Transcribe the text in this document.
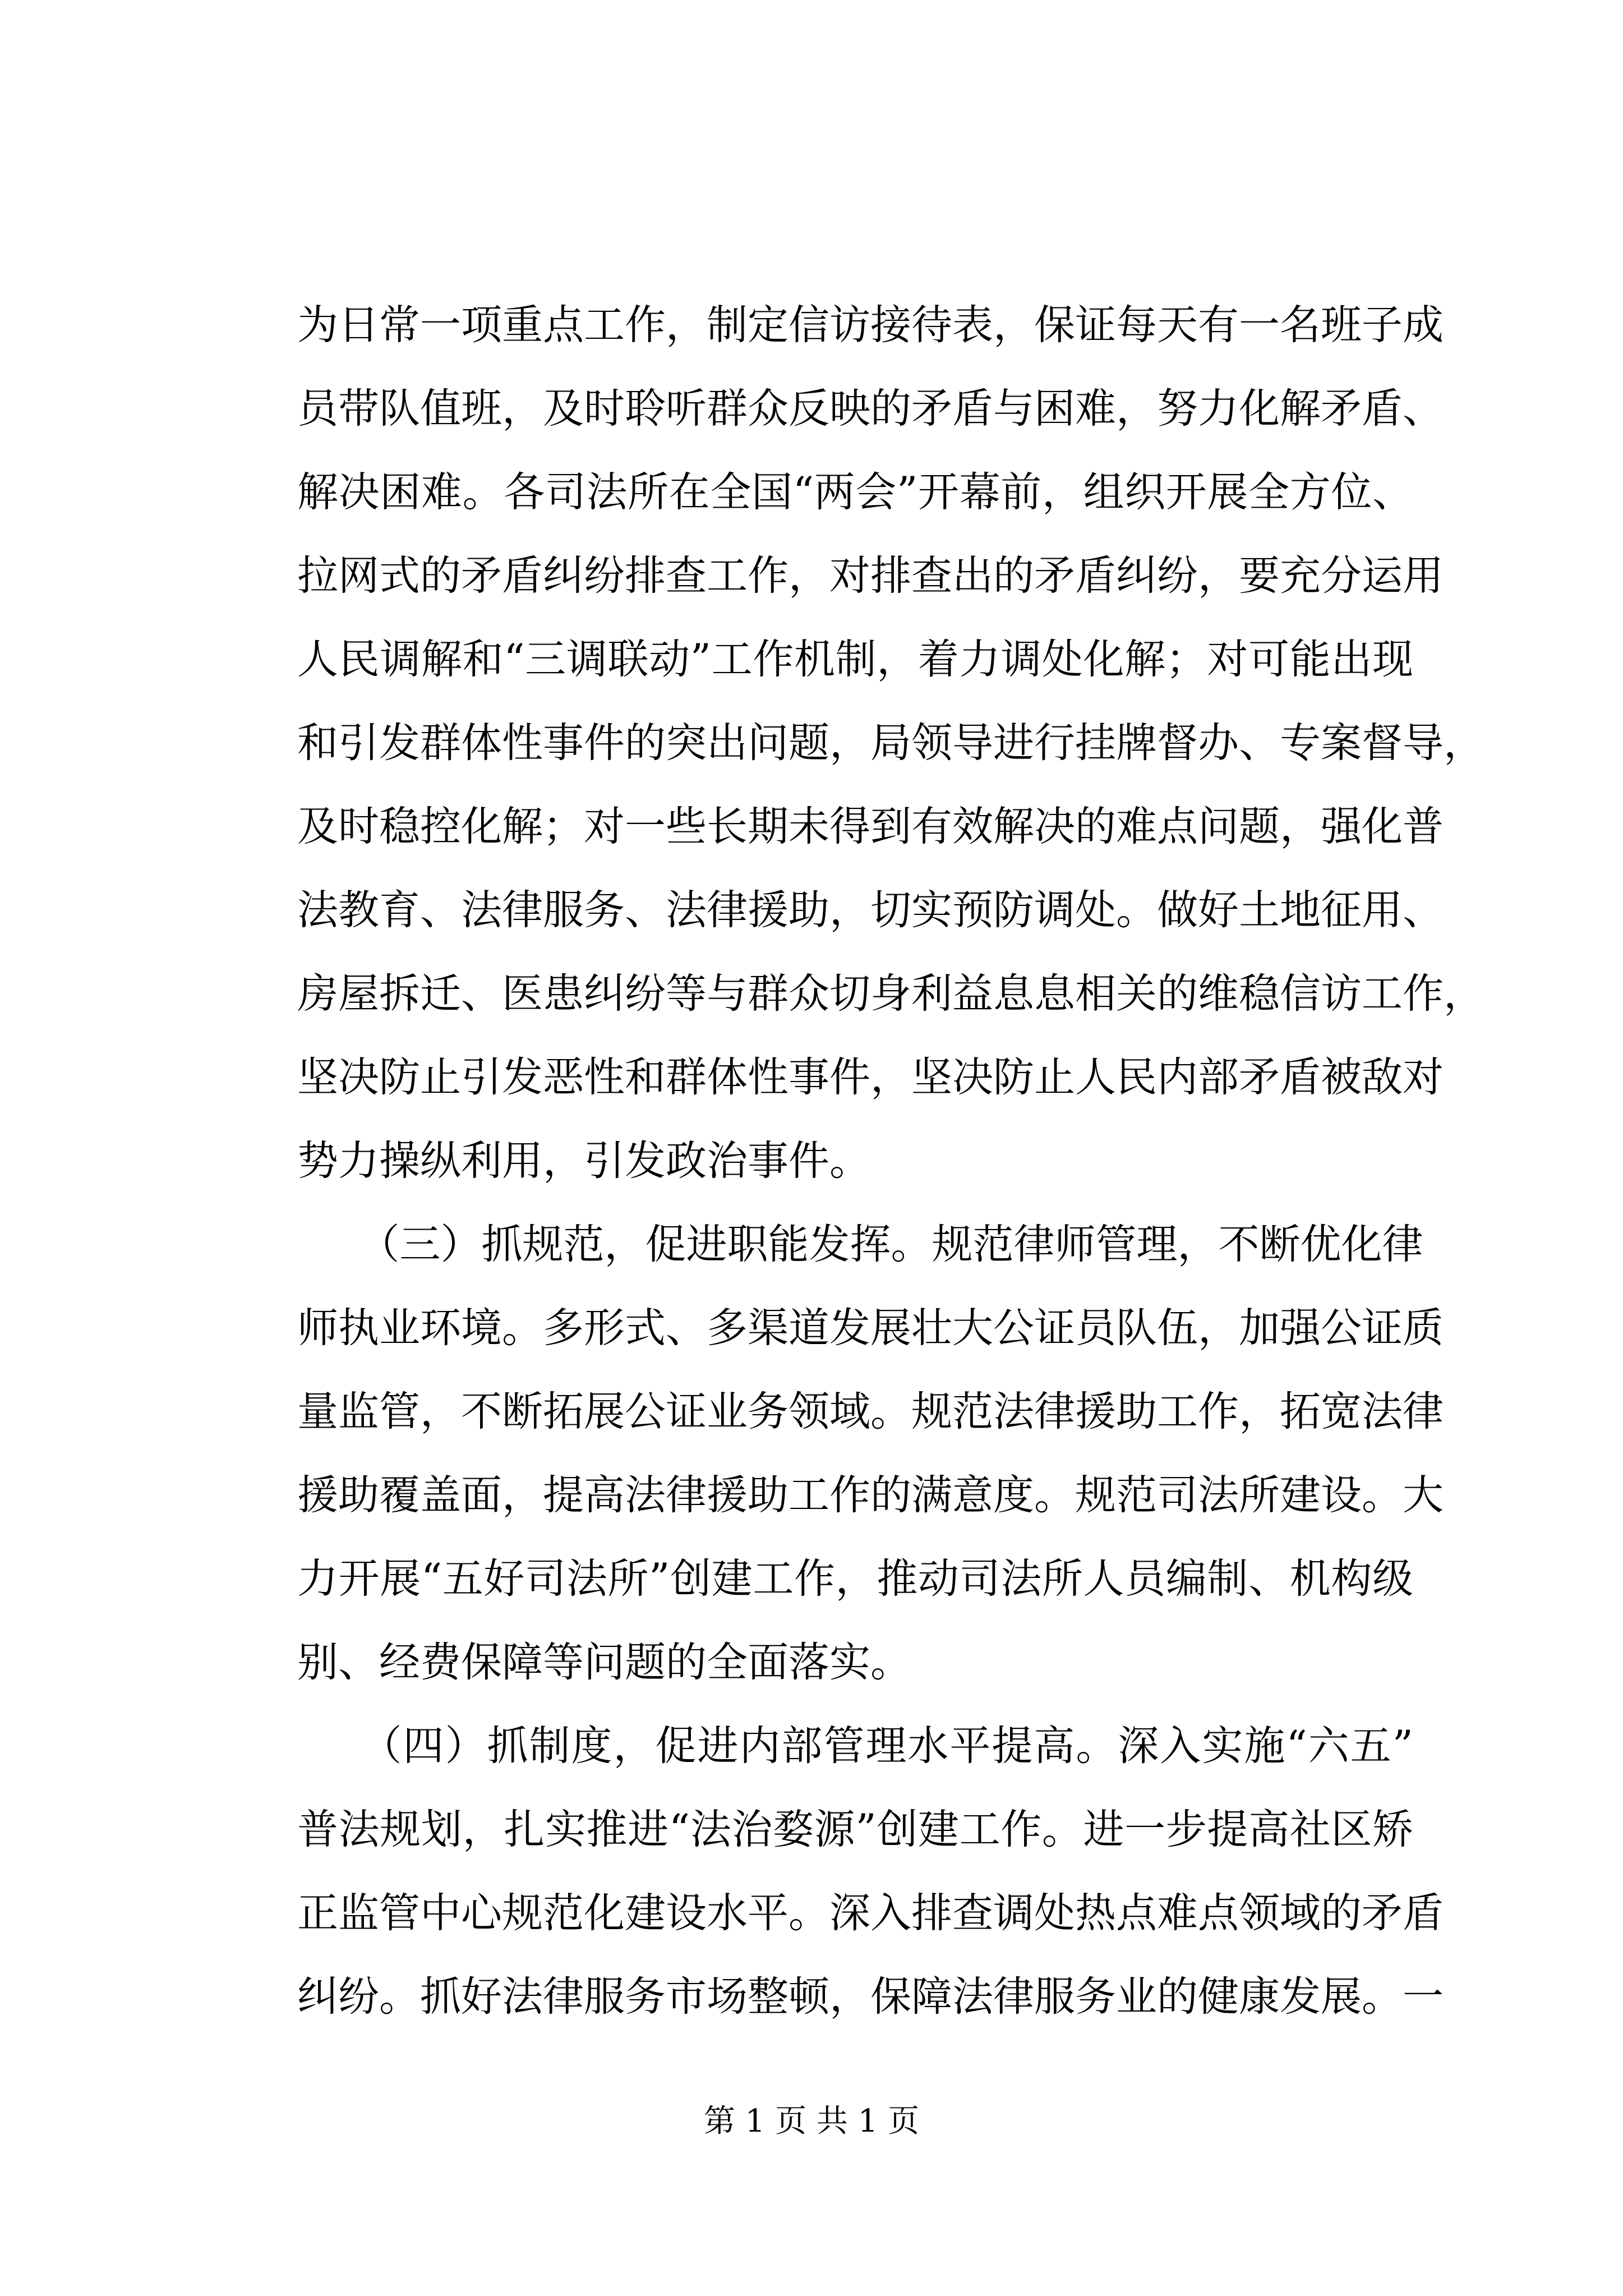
为日常一项重点工作，制定信访接待表，保证每天有一名班子成
员带队值班，及时聆听群众反映的矛盾与困难，努力化解矛盾、
解决困难。各司法所在全国“两会”开幕前，组织开展全方位、
拉网式的矛盾纠纷排查工作，对排查出的矛盾纠纷，要充分运用
人民调解和“三调联动”工作机制，着力调处化解；对可能出现
和引发群体性事件的突出问题，局领导进行挂牌督办、专案督导，
及时稳控化解；对一些长期未得到有效解决的难点问题，强化普
法教育、法律服务、法律援助，切实预防调处。做好土地征用、
房屋拆迁、医患纠纷等与群众切身利益息息相关的维稳信访工作，
坚决防止引发恶性和群体性事件，坚决防止人民内部矛盾被敌对
势力操纵利用，引发政治事件。
　　（三）抓规范，促进职能发挥。规范律师管理，不断优化律
师执业环境。多形式、多渠道发展壮大公证员队伍，加强公证质
量监管，不断拓展公证业务领域。规范法律援助工作，拓宽法律
援助覆盖面，提高法律援助工作的满意度。规范司法所建设。大
力开展“五好司法所”创建工作，推动司法所人员编制、机构级
别、经费保障等问题的全面落实。
　　（四）抓制度，促进内部管理水平提高。深入实施“六五”
普法规划，扎实推进“法治婺源”创建工作。进一步提高社区矫
正监管中心规范化建设水平。深入排查调处热点难点领域的矛盾
纠纷。抓好法律服务市场整顿，保障法律服务业的健康发展。一
第 1 页 共 1 页
